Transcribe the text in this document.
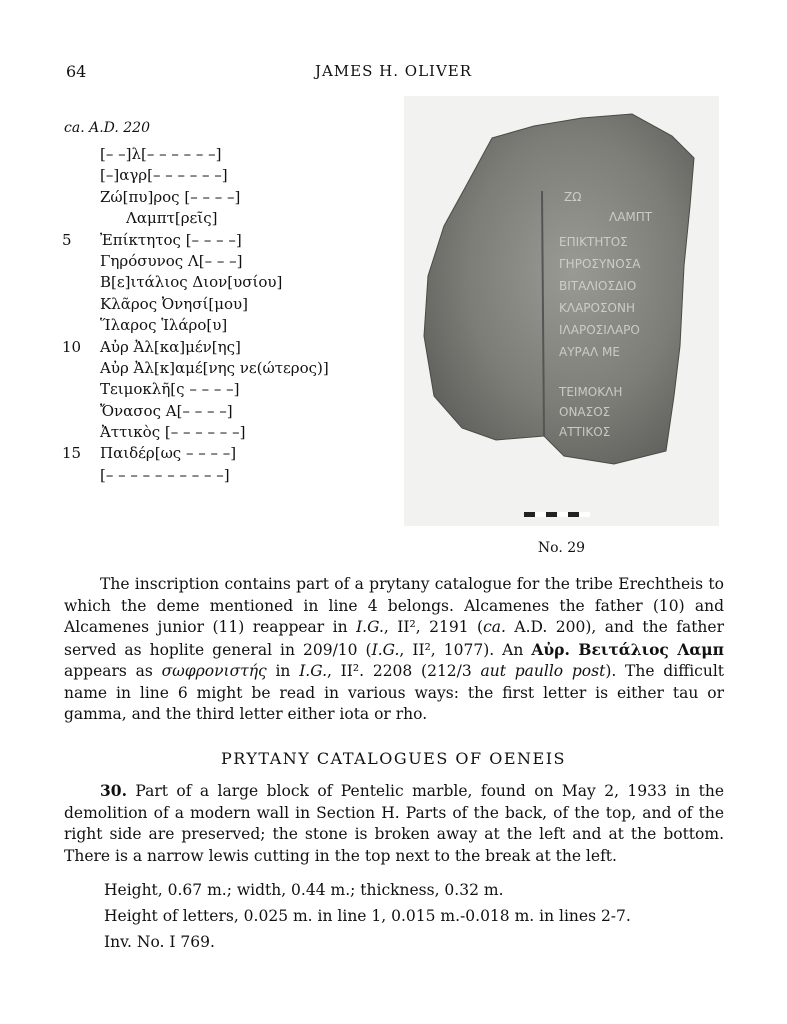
64	JAMES H. OLIVER
ca. A.D. 220
[– –]λ[– – – – – –]
[–]αγρ[– – – – – –]
Ζώ[πυ]ρος [– – – –]
Λαμπτ[ρεῖς]
5	Ἐπίκτητος [– – – –]
Γηρόσυνος Λ[– – –]
Β[ε]ιτάλιος Διον[υσίου]
Κλᾶρος Ὀνησί[μου]
Ἵλαρος Ἱλάρο[υ]
10	Αὐρ Ἀλ[κα]μέν[ης]
Αὐρ Ἀλ[κ]αμέ[νης νε(ώτερος)]
Τειμοκλῆ[ς – – – –]
Ὄνασος Α[– – – –]
Ἀττικὸς [– – – – – –]
15	Παιδέρ[ως – – – –]
[– – – – – – – – – –]
ZΩ
ΛΑΜΠΤ
ΕΠΙΚΤΗΤΟΣ
ΓΗΡΟΣΥΝΟΣΑ
ΒΙΤΑΛΙΟΣΔΙΟ
ΚΛΑΡΟΣΟΝΗ
ΙΛΑΡΟΣΙΛΑΡΟ
ΑΥΡΑΛ ΜΕ
ΤΕΙΜΟΚΛΗ
ΟΝΑΣΟΣ
ΑΤΤΙΚΟΣ
No. 29
The inscription contains part of a prytany catalogue for the tribe Erechtheis to which the deme mentioned in line 4 belongs. Alcamenes the father (10) and Alcamenes junior (11) reappear in I.G., II², 2191 (ca. A.D. 200), and the father served as hoplite general in 209/10 (I.G., II², 1077). An Αὐρ. Βειτάλιος Λαμπ appears as σωφρονιστής in I.G., II². 2208 (212/3 aut paullo post). The difficult name in line 6 might be read in various ways: the first letter is either tau or gamma, and the third letter either iota or rho.
PRYTANY CATALOGUES OF OENEIS
30. Part of a large block of Pentelic marble, found on May 2, 1933 in the demolition of a modern wall in Section H. Parts of the back, of the top, and of the right side are preserved; the stone is broken away at the left and at the bottom. There is a narrow lewis cutting in the top next to the break at the left.
Height, 0.67 m.; width, 0.44 m.; thickness, 0.32 m.
Height of letters, 0.025 m. in line 1, 0.015 m.-0.018 m. in lines 2-7.
Inv. No. I 769.
